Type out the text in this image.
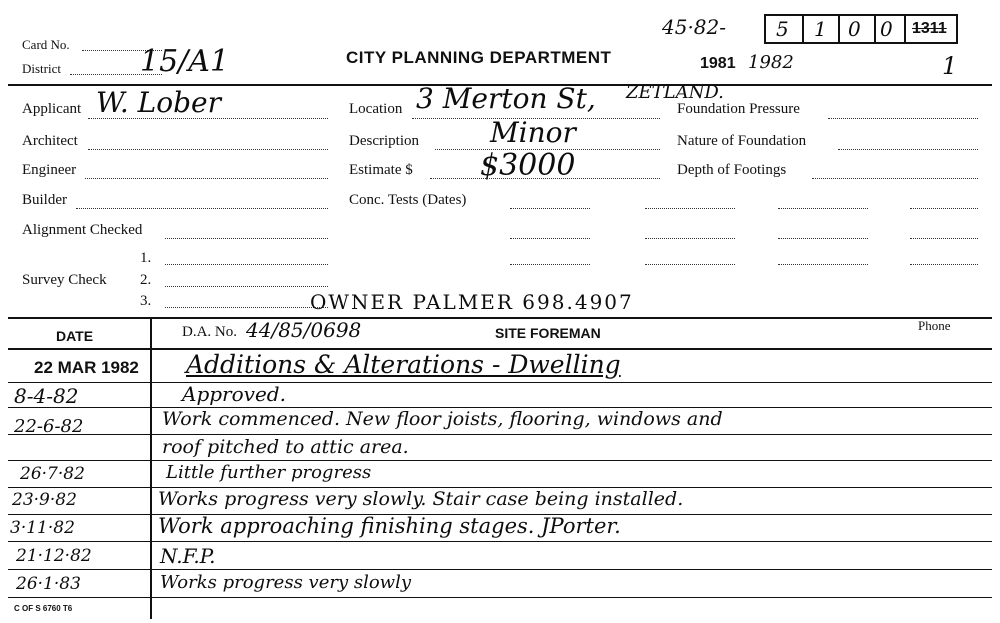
45·82- 5 1 0 0 1311
Card No.
District	15/A1	CITY PLANNING DEPARTMENT	1981 1982	1
Applicant W. Lober
Architect
Engineer
Builder
Alignment Checked
1.
Survey Check 2.
3.
Location 3 Merton St, ZETLAND.
Description	Minor
Estimate $ $3000
Conc. Tests (Dates)
Foundation Pressure
Nature of Foundation
Depth of Footings
OWNER PALMER 698.4907
DATE	D.A. No. 44/85/0698	SITE FOREMAN	Phone
22 MAR 1982 Additions & Alterations - Dwelling
8-4-82	Approved.
22-6-82	Work commenced. New floor joists, flooring, windows and
roof pitched to attic area.
26·7·82	Little further progress
23·9·82	Works progress very slowly. Stair case being installed.
3·11·82	Work approaching finishing stages. JPorter.
21·12·82	N.F.P.
26·1·83	Works progress very slowly
C OF S 6760 T6
